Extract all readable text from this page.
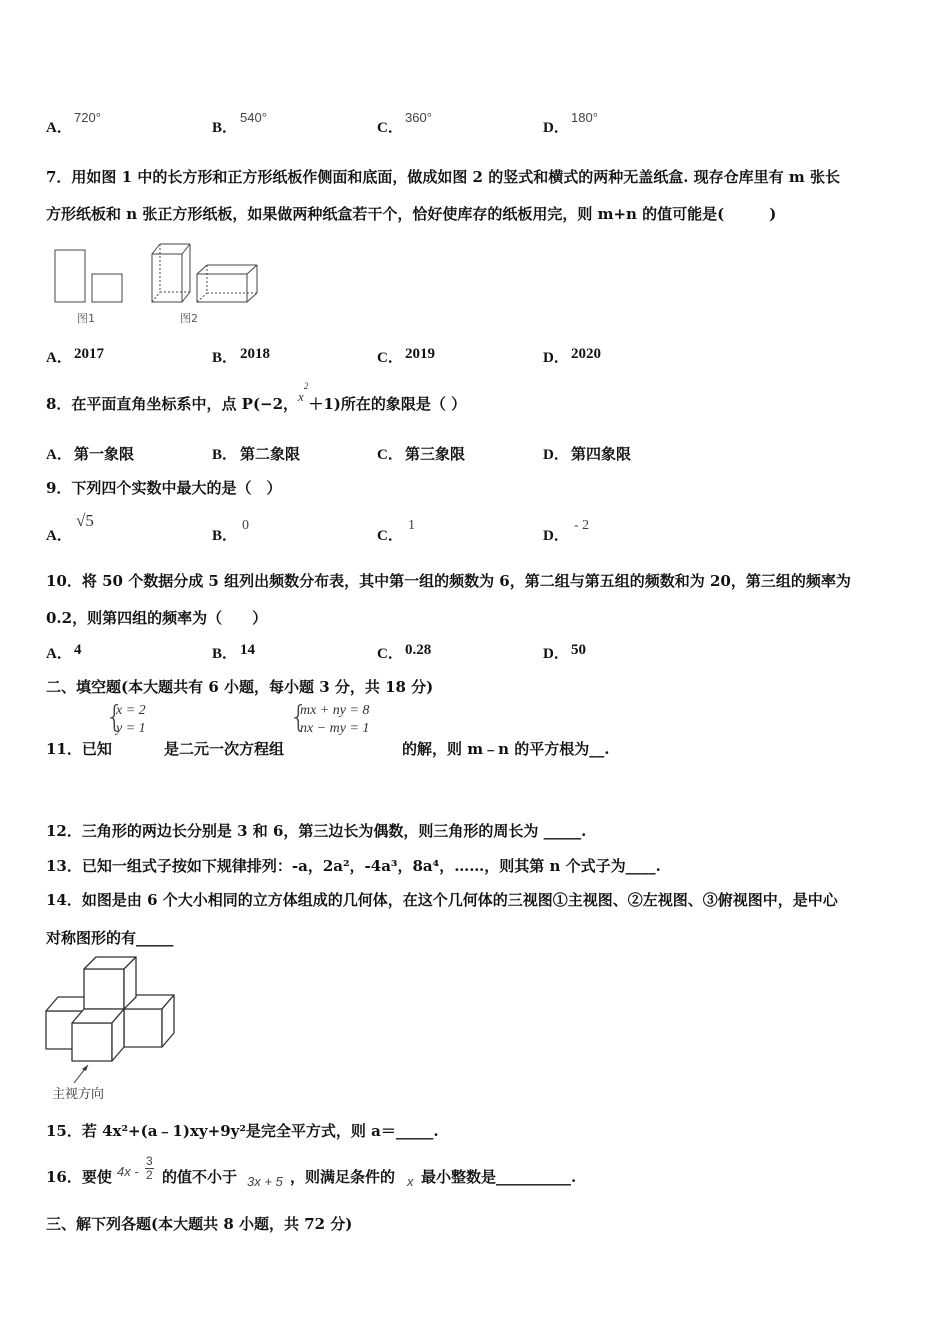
A．
720°
B．
540°
C．
360°
D．
180°
7．用如图 1 中的长方形和正方形纸板作侧面和底面，做成如图 2 的竖式和横式的两种无盖纸盒. 现存仓库里有 m 张长
方形纸板和 n 张正方形纸板，如果做两种纸盒若干个，恰好使库存的纸板用完，则 m+n 的值可能是(　　　)
图1	图2
A． 2017	B． 2018	C． 2019	D． 2020
8．在平面直角坐标系中，点 P(−2，$x^2+1$)所在的象限是（ ）
A． 第一象限	B． 第二象限	C． 第三象限	D． 第四象限
9．下列四个实数中最大的是（　）
A．
√5
B．
0
C．
1
D．
- 2
10．将 50 个数据分成 5 组列出频数分布表，其中第一组的频数为 6，第二组与第五组的频数和为 20，第三组的频率为
0.2，则第四组的频率为（　　）
A． 4	B． 14	C． 0.28	D． 50
二、填空题(本大题共有 6 小题，每小题 3 分，共 18 分)
11．已知
{
x = 2
y = 1
是二元一次方程组
{
mx + ny = 8
nx − my = 1
的解，则 m﹣n 的平方根为__.
12．三角形的两边长分别是 3 和 6，第三边长为偶数，则三角形的周长为 _____.
13．已知一组式子按如下规律排列：-a，2a²，-4a³，8a⁴，……，则其第 n 个式子为____.
14．如图是由 6 个大小相同的立方体组成的几何体，在这个几何体的三视图①主视图、②左视图、③俯视图中，是中心
对称图形的有_____
主视方向
15．若 4x²+(a﹣1)xy+9y²是完全平方式，则 a＝_____.
16．要使 $4x - \frac{3}{2}$ 的值不小于 3x + 5 ，则满足条件的 x 最小整数是__________.
三、解下列各题(本大题共 8 小题，共 72 分)
